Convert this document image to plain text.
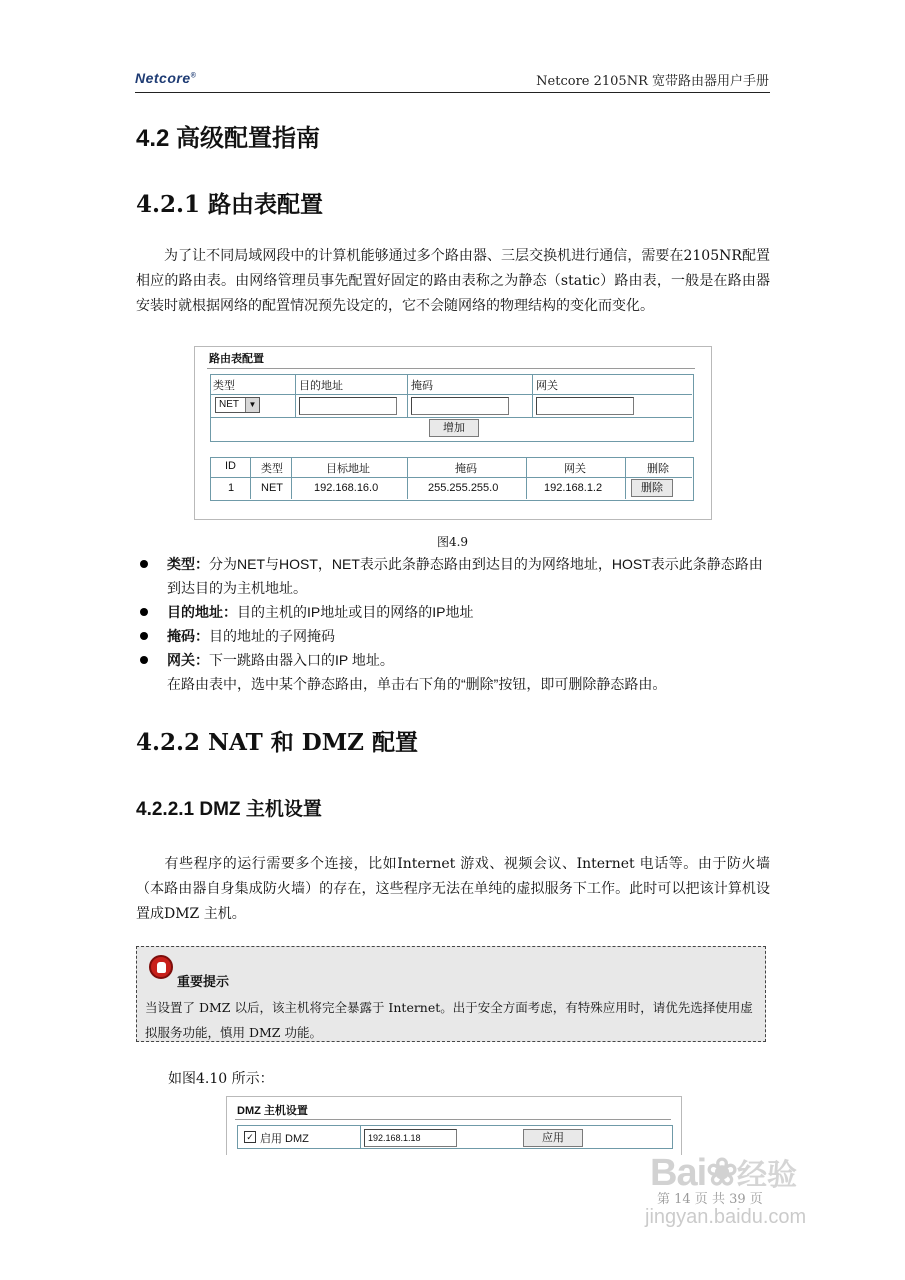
Netcore®	Netcore 2105NR 宽带路由器用户手册
4.2 高级配置指南
4.2.1 路由表配置
为了让不同局域网段中的计算机能够通过多个路由器、三层交换机进行通信，需要在2105NR配置相应的路由表。由网络管理员事先配置好固定的路由表称之为静态（static）路由表，一般是在路由器安装时就根据网络的配置情况预先设定的，它不会随网络的物理结构的变化而变化。
路由表配置
类型	目的地址	掩码	网关
NET	▼
增加
ID 类型	目标地址	掩码	网关	删除
1 NET	192.168.16.0	255.255.255.0	192.168.1.2	删除
图4.9
类型：分为NET与HOST，NET表示此条静态路由到达目的为网络地址，HOST表示此条静态路由到达目的为主机地址。
目的地址：目的主机的IP地址或目的网络的IP地址
掩码：目的地址的子网掩码
网关：下一跳路由器入口的IP 地址。
在路由表中，选中某个静态路由，单击右下角的“删除”按钮，即可删除静态路由。
4.2.2 NAT 和 DMZ 配置
4.2.2.1 DMZ 主机设置
有些程序的运行需要多个连接，比如Internet 游戏、视频会议、Internet 电话等。由于防火墙（本路由器自身集成防火墙）的存在，这些程序无法在单纯的虚拟服务下工作。此时可以把该计算机设置成DMZ 主机。
重要提示
当设置了 DMZ 以后，该主机将完全暴露于 Internet。出于安全方面考虑，有特殊应用时，请优先选择使用虚拟服务功能，慎用 DMZ 功能。
如图4.10 所示：
DMZ 主机设置
✓ 启用 DMZ	192.168.1.18	应用
Bai❀经验
jingyan.baidu.com
第 14 页 共 39 页
